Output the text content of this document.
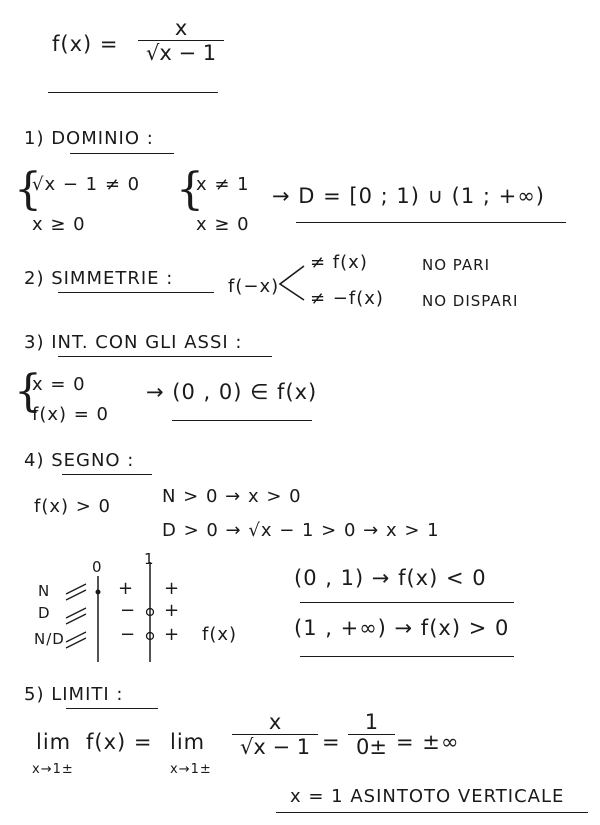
$f(x) = \frac{x}{√x - 1}$
1) DOMINIO :
{
√x − 1 ≠ 0
x ≥ 0
{
x ≠ 1
x ≥ 0
→ D = [0 ; 1) ∪ (1 ; +∞)
2) SIMMETRIE :	f(−x)
≠ f(x)
≠ −f(x)
NO PARI
NO DISPARI
3) INT. CON GLI ASSI :
{
x = 0
f(x) = 0
→ (0 , 0) ∈ f(x)
4) SEGNO :
f(x) > 0	N > 0 → x > 0
D > 0 → √x − 1 > 0 → x > 1
0	1
N
D
N/D
+ +
− +
− + f(x)
(0 , 1) → f(x) < 0
(1 , +∞) → f(x) > 0
5) LIMITI :
lim
x→1±
f(x) = lim
x→1±
$\frac{x}{√x - 1} = \frac{1}{0\pm}$ = ±∞
x = 1 ASINTOTO VERTICALE
